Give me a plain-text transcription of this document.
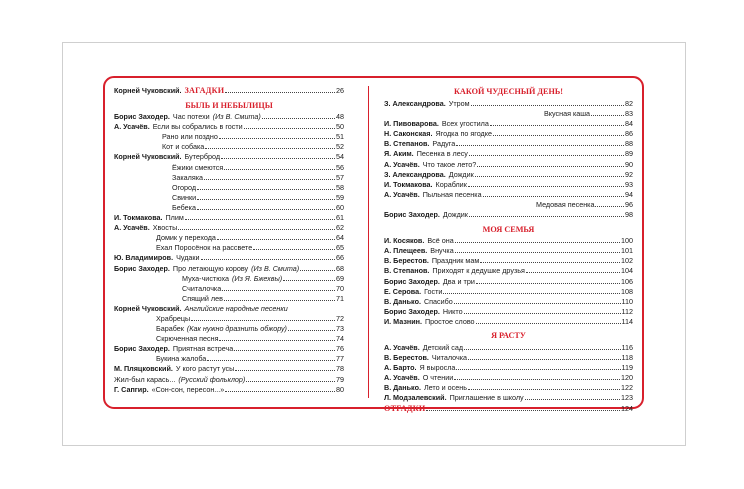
Корней Чуковский. ЗАГАДКИ	26
БЫЛЬ И НЕБЫЛИЦЫ
Борис Заходер. Час потехи (Из В. Смита)	48
А. Усачёв. Если вы собрались в гости	50
Рано или поздно	51
Кот и собака	52
Корней Чуковский. Бутерброд	54
Ёжики смеются	56
Закаляка	57
Огород	58
Свинки	59
Бебека	60
И. Токмакова. Плим	61
А. Усачёв. Хвосты	62
Домик у перехода	64
Ехал Поросёнок на рассвете	65
Ю. Владимиров. Чудаки	66
Борис Заходер. Про летающую корову (Из В. Смита)	68
Муха-чистюха (Из Я. Бжехвы)	69
Считалочка	70
Спящий лев	71
Корней Чуковский. Английские народные песенки
Храбрецы	72
Барабек (Как нужно дразнить обжору)	73
Скрюченная песня	74
Борис Заходер. Приятная встреча	76
Букина жалоба	77
М. Пляцковский. У кого растут усы	78
Жил-был карась... (Русский фольклор)	79
Г. Сапгир. «Сон-сон, пересон...»	80
КАКОЙ ЧУДЕСНЫЙ ДЕНЬ!
З. Александрова. Утром	82
Вкусная каша	83
И. Пивоварова. Всех угостила	84
Н. Саконская. Ягодка по ягодке	86
В. Степанов. Радуга	88
Я. Аким. Песенка в лесу	89
А. Усачёв. Что такое лето?	90
З. Александрова. Дождик	92
И. Токмакова. Кораблик	93
А. Усачёв. Пыльная песенка	94
Медовая песенка	96
Борис Заходер. Дождик	98
МОЯ СЕМЬЯ
И. Косяков. Всё она	100
А. Плещеев. Внучка	101
В. Берестов. Праздник мам	102
В. Степанов. Приходят к дедушке друзья	104
Борис Заходер. Два и три	106
Е. Серова. Гости	108
В. Данько. Спасибо	110
Борис Заходер. Никто	112
И. Мазнин. Простое слово	114
Я РАСТУ
А. Усачёв. Детский сад	116
В. Берестов. Читалочка	118
А. Барто. Я выросла	119
А. Усачёв. О чтении	120
В. Данько. Лето и осень	122
Л. Модзалевский. Приглашение в школу	123
ОТГАДКИ	124
